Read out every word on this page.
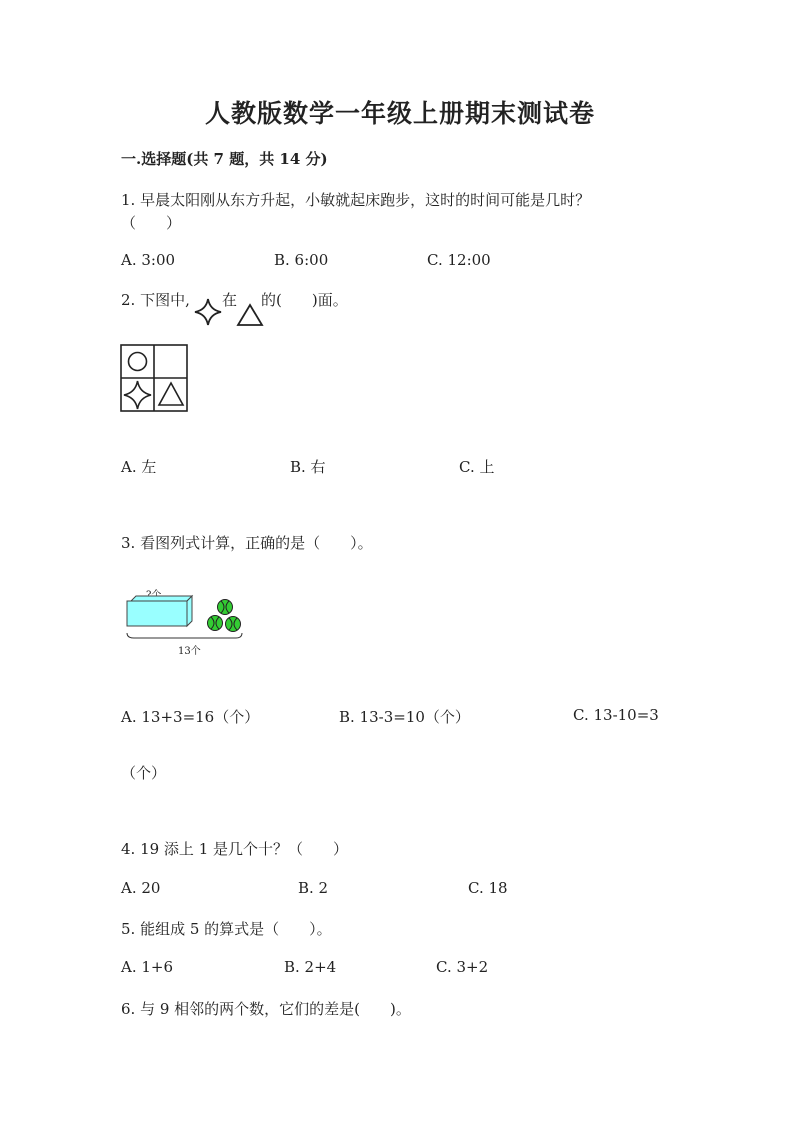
人教版数学一年级上册期末测试卷
一.选择题(共 7 题，共 14 分)
1. 早晨太阳刚从东方升起，小敏就起床跑步，这时的时间可能是几时？
（　　）
A. 3:00	B. 6:00	C. 12:00
2. 下图中, 在 的(　　)面。
A. 左	B. 右	C. 上
3. 看图列式计算，正确的是（　　）。
13个
A. 13+3=16（个）	B. 13-3=10（个）	C. 13-10=3
（个）
4. 19 添上 1 是几个十？（　　）
A. 20	B. 2	C. 18
5. 能组成 5 的算式是（　　）。
A. 1+6	B. 2+4	C. 3+2
6. 与 9 相邻的两个数，它们的差是(　　)。
